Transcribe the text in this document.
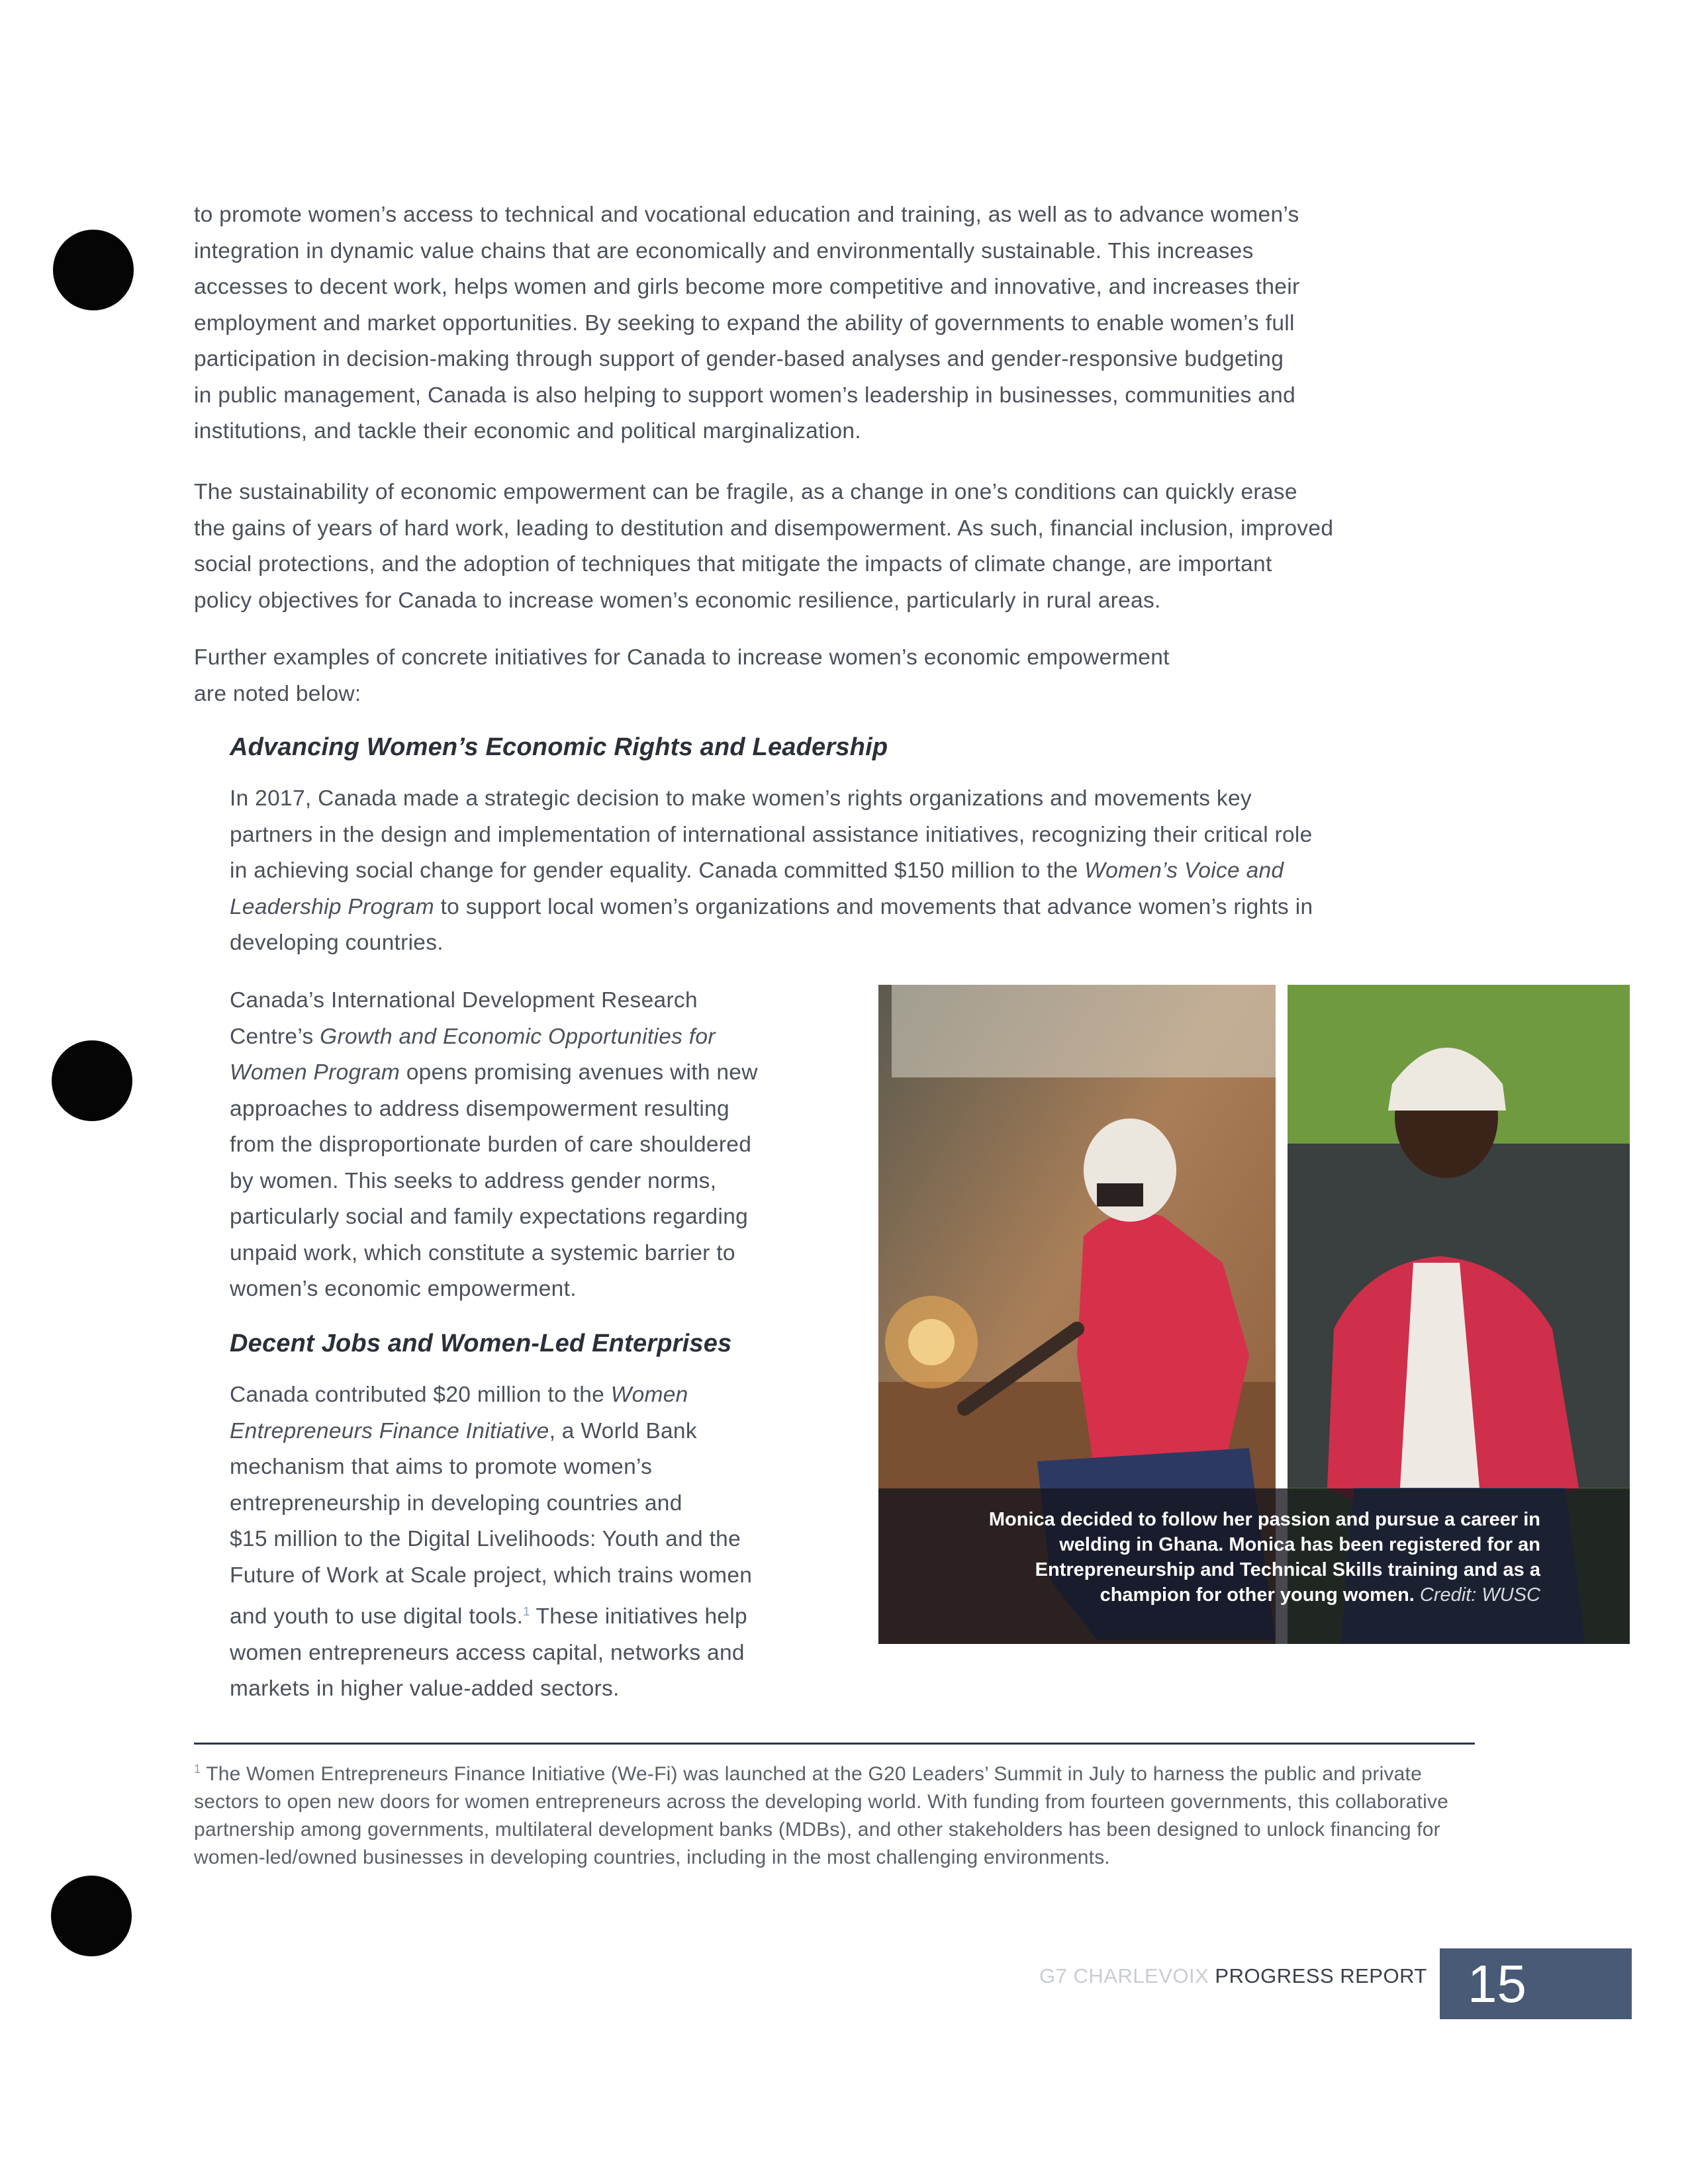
to promote women’s access to technical and vocational education and training, as well as to advance women’s
integration in dynamic value chains that are economically and environmentally sustainable. This increases
accesses to decent work, helps women and girls become more competitive and innovative, and increases their
employment and market opportunities. By seeking to expand the ability of governments to enable women’s full
participation in decision-making through support of gender-based analyses and gender-responsive budgeting
in public management, Canada is also helping to support women’s leadership in businesses, communities and
institutions, and tackle their economic and political marginalization.

The sustainability of economic empowerment can be fragile, as a change in one’s conditions can quickly erase
the gains of years of hard work, leading to destitution and disempowerment. As such, financial inclusion, improved
social protections, and the adoption of techniques that mitigate the impacts of climate change, are important
policy objectives for Canada to increase women’s economic resilience, particularly in rural areas.

Further examples of concrete initiatives for Canada to increase women’s economic empowerment
are noted below:

Advancing Women’s Economic Rights and Leadership

In 2017, Canada made a strategic decision to make women’s rights organizations and movements key
partners in the design and implementation of international assistance initiatives, recognizing their critical role
in achieving social change for gender equality. Canada committed $150 million to the Women’s Voice and
Leadership Program to support local women’s organizations and movements that advance women’s rights in
developing countries.

Canada’s International Development Research
Centre’s Growth and Economic Opportunities for
Women Program opens promising avenues with new
approaches to address disempowerment resulting
from the disproportionate burden of care shouldered
by women. This seeks to address gender norms,
particularly social and family expectations regarding
unpaid work, which constitute a systemic barrier to
women’s economic empowerment.

Decent Jobs and Women-Led Enterprises

Canada contributed $20 million to the Women
Entrepreneurs Finance Initiative, a World Bank
mechanism that aims to promote women’s
entrepreneurship in developing countries and
$15 million to the Digital Livelihoods: Youth and the
Future of Work at Scale project, which trains women
and youth to use digital tools.$^1$ These initiatives help
women entrepreneurs access capital, networks and
markets in higher value-added sectors.

Monica decided to follow her passion and pursue a career in welding in Ghana. Monica has been registered for an Entrepreneurship and Technical Skills training and as a champion for other young women. Credit: WUSC

$^1$ The Women Entrepreneurs Finance Initiative (We-Fi) was launched at the G20 Leaders’ Summit in July to harness the public and private sectors to open new doors for women entrepreneurs across the developing world. With funding from fourteen governments, this collaborative partnership among governments, multilateral development banks (MDBs), and other stakeholders has been designed to unlock financing for women-led/owned businesses in developing countries, including in the most challenging environments.

G7 CHARLEVOIX PROGRESS REPORT 15
